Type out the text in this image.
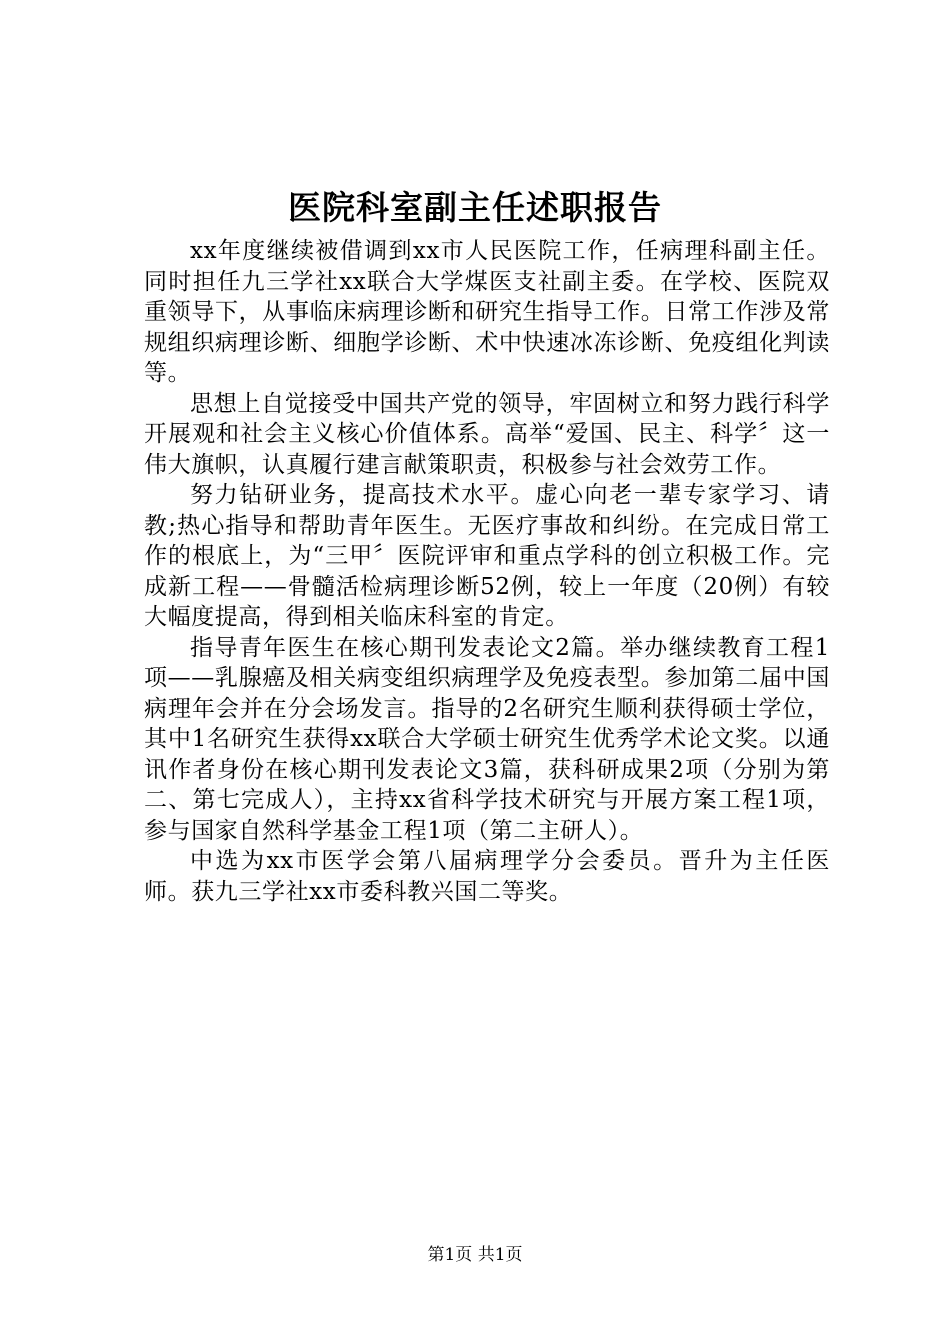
医院科室副主任述职报告

xx年度继续被借调到xx市人民医院工作，任病理科副主任。同时担任九三学社xx联合大学煤医支社副主委。在学校、医院双重领导下，从事临床病理诊断和研究生指导工作。日常工作涉及常规组织病理诊断、细胞学诊断、术中快速冰冻诊断、免疫组化判读等。

思想上自觉接受中国共产党的领导，牢固树立和努力践行科学开展观和社会主义核心价值体系。高举“爱国、民主、科学〞这一伟大旗帜，认真履行建言献策职责，积极参与社会效劳工作。

努力钻研业务，提高技术水平。虚心向老一辈专家学习、请教;热心指导和帮助青年医生。无医疗事故和纠纷。在完成日常工作的根底上，为“三甲〞医院评审和重点学科的创立积极工作。完成新工程——骨髓活检病理诊断52例，较上一年度（20例）有较大幅度提高，得到相关临床科室的肯定。

指导青年医生在核心期刊发表论文2篇。举办继续教育工程1项——乳腺癌及相关病变组织病理学及免疫表型。参加第二届中国病理年会并在分会场发言。指导的2名研究生顺利获得硕士学位，其中1名研究生获得xx联合大学硕士研究生优秀学术论文奖。以通讯作者身份在核心期刊发表论文3篇，获科研成果2项（分别为第二、第七完成人），主持xx省科学技术研究与开展方案工程1项，参与国家自然科学基金工程1项（第二主研人）。

中选为xx市医学会第八届病理学分会委员。晋升为主任医师。获九三学社xx市委科教兴国二等奖。

第1页 共1页
